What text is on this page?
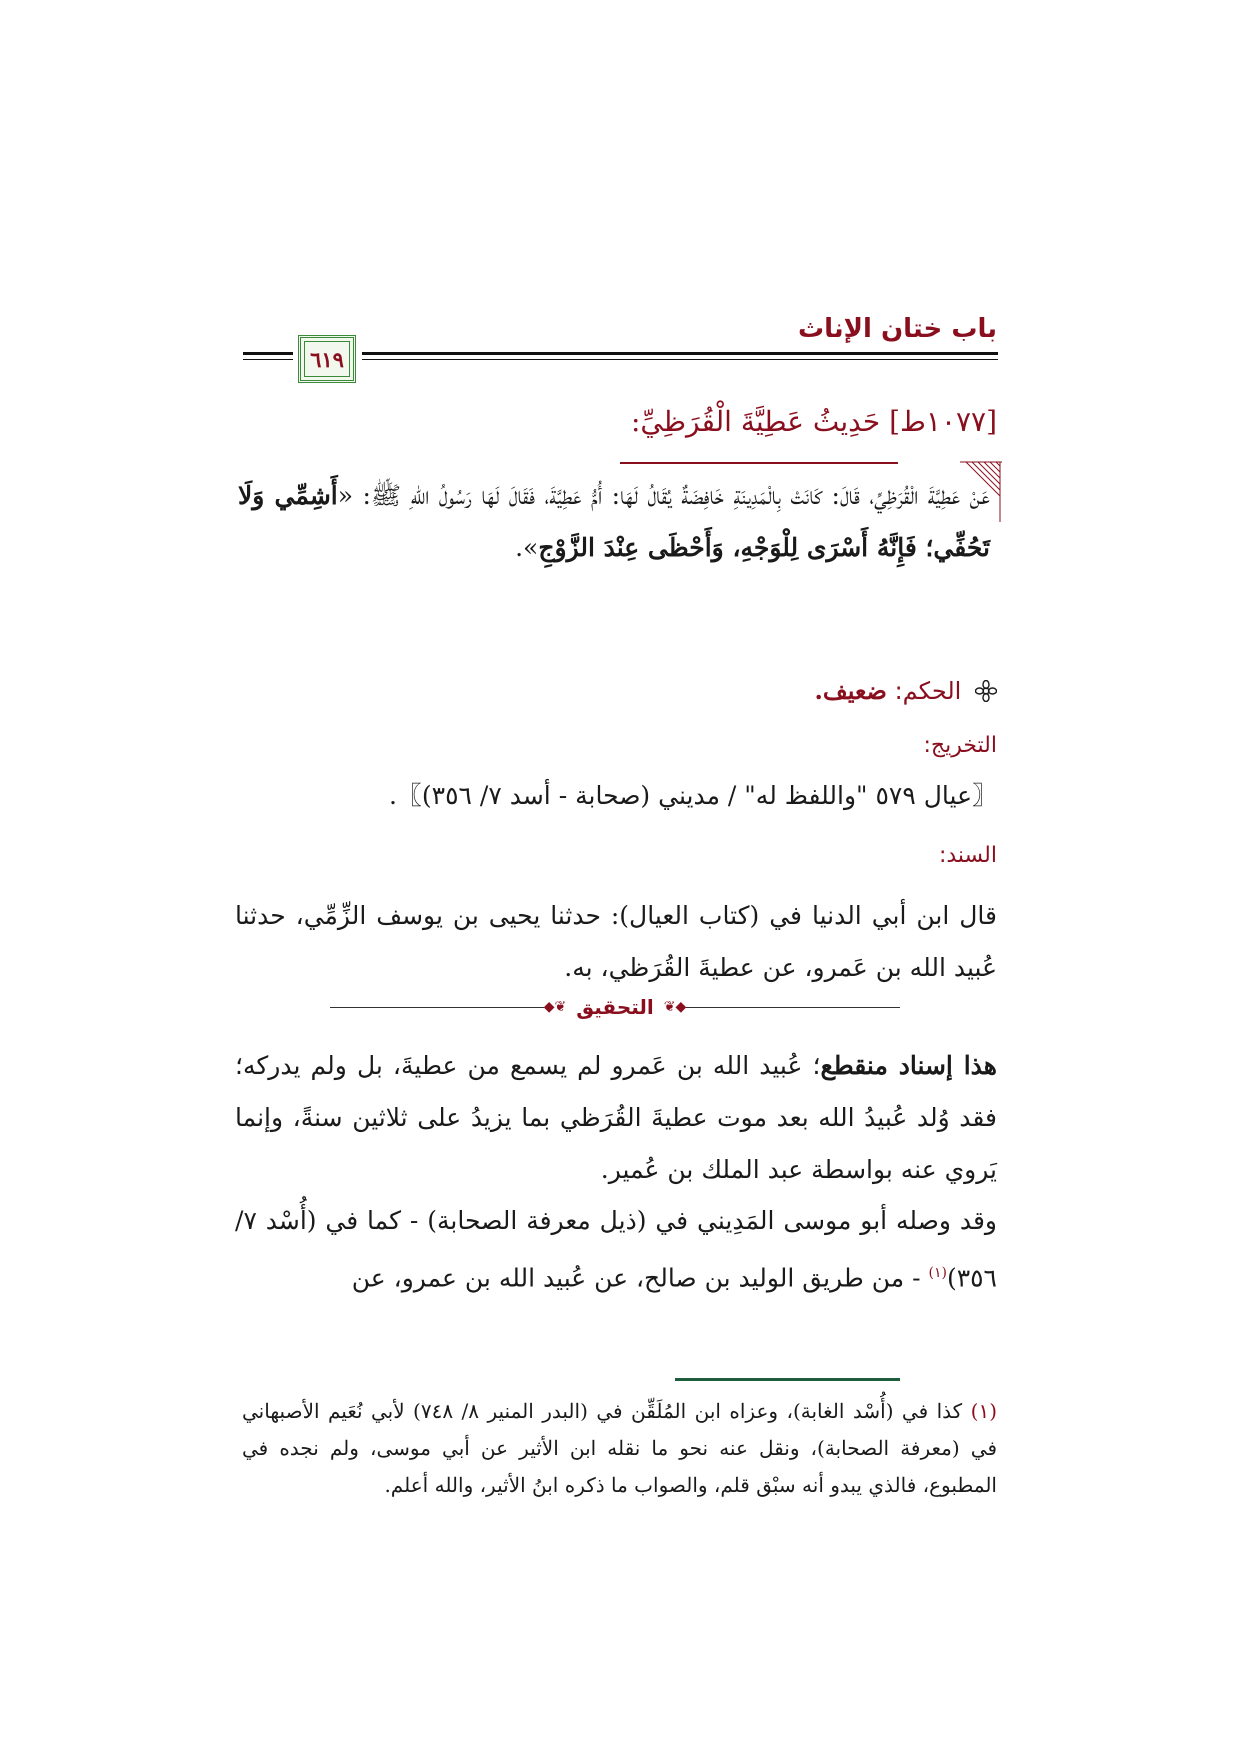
باب ختان الإناث
٦١٩
[١٠٧٧ط] حَدِيثُ عَطِيَّةَ الْقُرَظِيِّ:
عَنْ عَطِيَّةَ الْقُرَظِيِّ، قَالَ: كَانَتْ بِالْمَدِينَةِ خَافِضَةٌ يُقَالُ لَهَا: أُمُّ عَطِيَّةَ، فَقَالَ لَهَا رَسُولُ اللهِ ﷺ: «أَشِمِّي وَلَا تَحُفِّي؛ فَإِنَّهُ أَسْرَى لِلْوَجْهِ، وَأَحْظَى عِنْدَ الزَّوْجِ».
الحكم: ضعيف.
التخريج:
〖عيال ٥٧٩ "واللفظ له" / مديني (صحابة - أسد ٧/ ٣٥٦)〗.
السند:
قال ابن أبي الدنيا في (كتاب العيال): حدثنا يحيى بن يوسف الزِّمِّي، حدثنا عُبيد الله بن عَمرو، عن عطيةَ القُرَظي، به.
◆❦
التحقيق
❦◆
هذا إسناد منقطع؛ عُبيد الله بن عَمرو لم يسمع من عطيةَ، بل ولم يدركه؛ فقد وُلد عُبيدُ الله بعد موت عطيةَ القُرَظي بما يزيدُ على ثلاثين سنةً، وإنما يَروي عنه بواسطة عبد الملك بن عُمير.
وقد وصله أبو موسى المَدِيني في (ذيل معرفة الصحابة) - كما في (أُسْد ٧/ ٣٥٦)$^{(١)}$ - من طريق الوليد بن صالح، عن عُبيد الله بن عمرو، عن
(١) كذا في (أُسْد الغابة)، وعزاه ابن المُلَقِّن في (البدر المنير ٨/ ٧٤٨) لأبي نُعَيم الأصبهاني في (معرفة الصحابة)، ونقل عنه نحو ما نقله ابن الأثير عن أبي موسى، ولم نجده في المطبوع، فالذي يبدو أنه سبْق قلم، والصواب ما ذكره ابنُ الأثير، والله أعلم.
